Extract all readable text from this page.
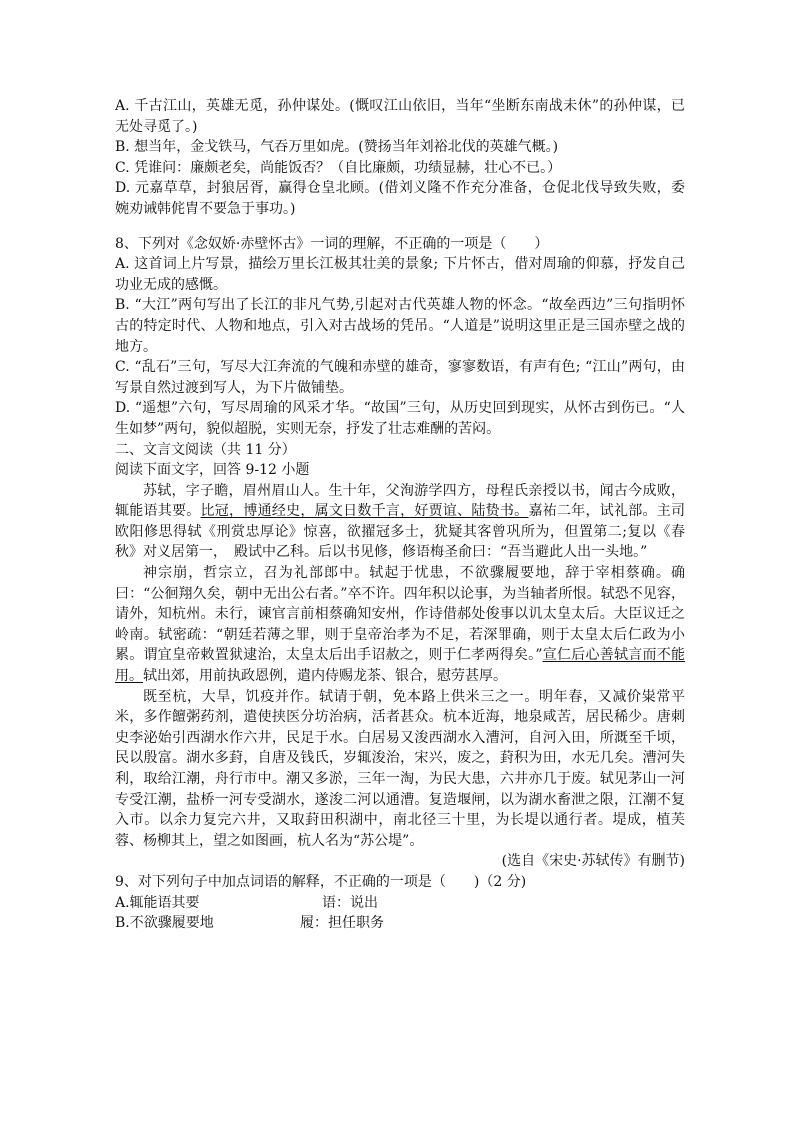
A. 千古江山，英雄无觅，孙仲谋处。(慨叹江山依旧，当年“坐断东南战未休”的孙仲谋，已无处寻觅了。)

B. 想当年，金戈铁马，气吞万里如虎。(赞扬当年刘裕北伐的英雄气概。)

C. 凭谁问：廉颇老矣，尚能饭否？（自比廉颇，功绩显赫，壮心不已。）

D. 元嘉草草，封狼居胥，赢得仓皇北顾。(借刘义隆不作充分准备，仓促北伐导致失败，委婉劝诫韩侂胄不要急于事功。)

8、下列对《念奴娇·赤壁怀古》一词的理解，不正确的一项是（　　）

A. 这首词上片写景，描绘万里长江极其壮美的景象; 下片怀古，借对周瑜的仰慕，抒发自己功业无成的感慨。

B. “大江”两句写出了长江的非凡气势,引起对古代英雄人物的怀念。“故垒西边”三句指明怀古的特定时代、人物和地点，引入对古战场的凭吊。“人道是”说明这里正是三国赤壁之战的地方。

C. “乱石”三句，写尽大江奔流的气魄和赤壁的雄奇，寥寥数语，有声有色; “江山”两句，由写景自然过渡到写人，为下片做铺垫。

D. “遥想”六句，写尽周瑜的风采才华。“故国”三句，从历史回到现实，从怀古到伤已。“人生如梦”两句，貌似超脱，实则无奈，抒发了壮志难酬的苦闷。

二、文言文阅读（共 11 分）

阅读下面文字，回答 9-12 小题

苏轼，字子瞻，眉州眉山人。生十年，父洵游学四方，母程氏亲授以书，闻古今成败，辄能语其要。比冠，博通经史，属文日数千言，好贾谊、陆贽书。嘉祐二年，试礼部。主司欧阳修思得轼《刑赏忠厚论》惊喜，欲擢冠多士，犹疑其客曾巩所为，但置第二;复以《春秋》对义居第一，　殿试中乙科。后以书见修，修语梅圣俞曰：“吾当避此人出一头地。”

神宗崩，哲宗立，召为礼部郎中。轼起于忧患，不欲骤履要地，辞于宰相蔡确。确曰：“公徊翔久矣，朝中无出公右者。”卒不许。四年积以论事，为当轴者所恨。轼恐不见容，请外，知杭州。未行，谏官言前相蔡确知安州，作诗借郝处俊事以讥太皇太后。大臣议迁之岭南。轼密疏：“朝廷若薄之罪，则于皇帝治孝为不足，若深罪确，则于太皇太后仁政为小累。谓宜皇帝敕置狱逮治，太皇太后出手诏赦之，则于仁孝两得矣。”宣仁后心善轼言而不能用。轼出郊，用前执政恩例，遣内侍赐龙茶、银合，慰劳甚厚。

既至杭，大旱，饥疫并作。轼请于朝，免本路上供米三之一。明年春，又减价粜常平米，多作饘粥药剂，遣使挟医分坊治病，活者甚众。杭本近海，地泉咸苦，居民稀少。唐刺史李泌始引西湖水作六井，民足于水。白居易又浚西湖水入漕河，自河入田，所溉至千顷，民以殷富。湖水多葑，自唐及钱氏，岁辄浚治，宋兴，废之，葑积为田，水无几矣。漕河失利，取给江潮，舟行市中。潮又多淤，三年一淘，为民大患，六井亦几于废。轼见茅山一河专受江潮，盐桥一河专受湖水，遂浚二河以通漕。复造堰闸，以为湖水畜泄之限，江潮不复入市。以余力复完六井，又取葑田积湖中，南北径三十里，为长堤以通行者。堤成，植芙蓉、杨柳其上，望之如图画，杭人名为“苏公堤”。

(选自《宋史·苏轼传》有删节)

9、对下列句子中加点词语的解释，不正确的一项是（　　)（2 分)

A.辄能语其要	语：说出
B.不欲骤履要地	履：担任职务
